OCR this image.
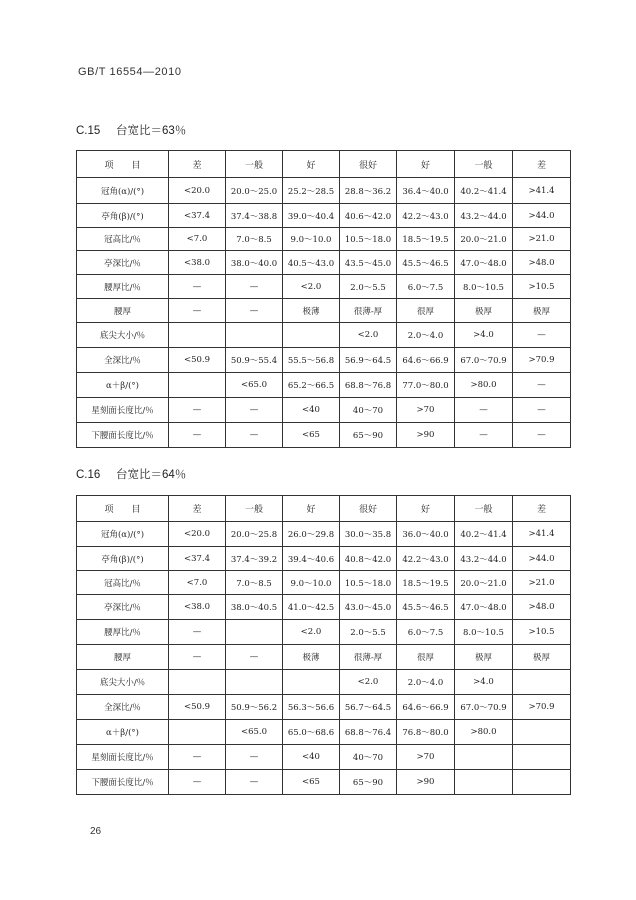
GB/T 16554—2010
C.15 台宽比＝63％
项　　目	差	一般	好	很好	好	一般	差
冠角(α)/(°)	<20.0	20.0～25.0	25.2～28.5	28.8～36.2	36.4～40.0	40.2～41.4	>41.4
亭角(β)/(°)	<37.4	37.4～38.8	39.0～40.4	40.6～42.0	42.2～43.0	43.2～44.0	>44.0
冠高比/％	<7.0	7.0～8.5	9.0～10.0	10.5～18.0	18.5～19.5	20.0～21.0	>21.0
亭深比/％	<38.0	38.0～40.0	40.5～43.0	43.5～45.0	45.5～46.5	47.0～48.0	>48.0
腰厚比/％	—	—	<2.0	2.0～5.5	6.0～7.5	8.0～10.5	>10.5
腰厚	—	—	极薄	很薄-厚	很厚	极厚	极厚
底尖大小/％				<2.0	2.0～4.0	>4.0	—
全深比/％	<50.9	50.9～55.4	55.5～56.8	56.9～64.5	64.6～66.9	67.0～70.9	>70.9
α＋β/(°)		<65.0	65.2～66.5	68.8～76.8	77.0～80.0	>80.0	—
星刻面长度比/％	—	—	<40	40～70	>70	—	—
下腰面长度比/％	—	—	<65	65～90	>90	—	—
C.16 台宽比＝64％
项　　目	差	一般	好	很好	好	一般	差
冠角(α)/(°)	<20.0	20.0～25.8	26.0～29.8	30.0～35.8	36.0～40.0	40.2～41.4	>41.4
亭角(β)/(°)	<37.4	37.4～39.2	39.4～40.6	40.8～42.0	42.2～43.0	43.2～44.0	>44.0
冠高比/％	<7.0	7.0～8.5	9.0～10.0	10.5～18.0	18.5～19.5	20.0～21.0	>21.0
亭深比/％	<38.0	38.0～40.5	41.0～42.5	43.0～45.0	45.5～46.5	47.0～48.0	>48.0
腰厚比/％	—		<2.0	2.0～5.5	6.0～7.5	8.0～10.5	>10.5
腰厚	—	—	极薄	很薄-厚	很厚	极厚	极厚
底尖大小/％				<2.0	2.0～4.0	>4.0	
全深比/％	<50.9	50.9～56.2	56.3～56.6	56.7～64.5	64.6～66.9	67.0～70.9	>70.9
α＋β/(°)		<65.0	65.0～68.6	68.8～76.4	76.8～80.0	>80.0	
星刻面长度比/％	—	—	<40	40～70	>70		
下腰面长度比/％	—	—	<65	65～90	>90		
26
